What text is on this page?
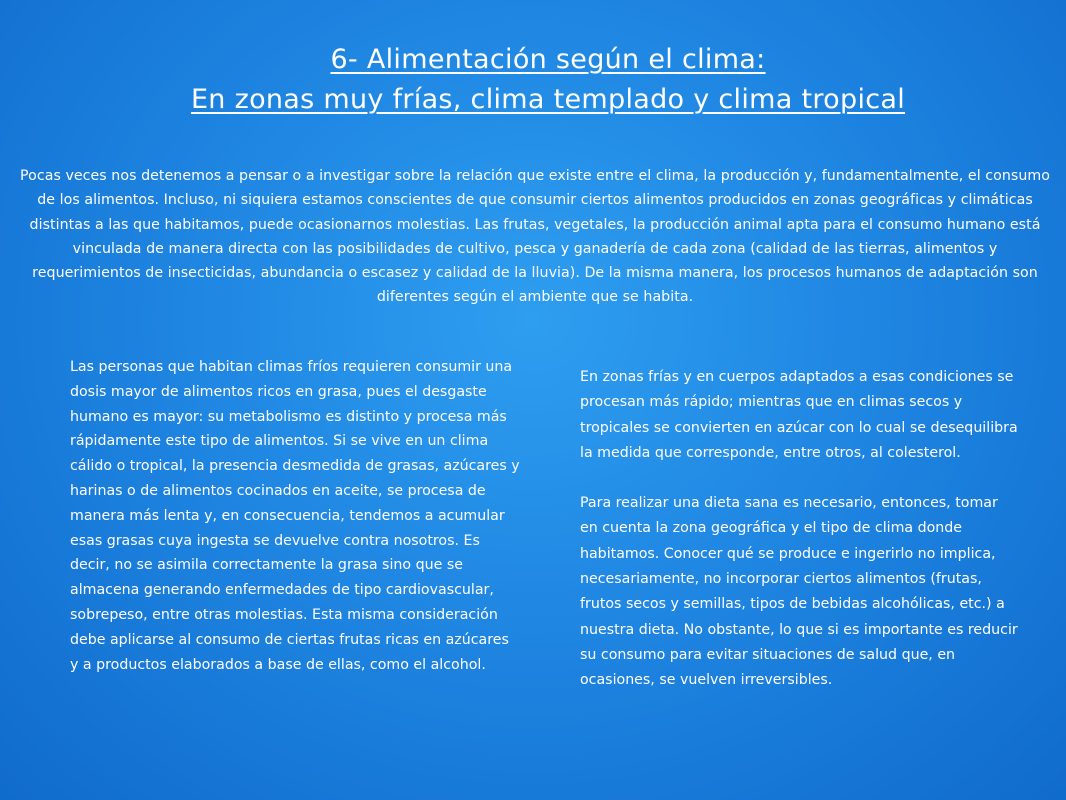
6- Alimentación según el clima:
En zonas muy frías, clima templado y clima tropical
Pocas veces nos detenemos a pensar o a investigar sobre la relación que existe entre el clima, la producción y, fundamentalmente, el consumo de los alimentos. Incluso, ni siquiera estamos conscientes de que consumir ciertos alimentos producidos en zonas geográficas y climáticas distintas a las que habitamos, puede ocasionarnos molestias. Las frutas, vegetales, la producción animal apta para el consumo humano está vinculada de manera directa con las posibilidades de cultivo, pesca y ganadería de cada zona (calidad de las tierras, alimentos y requerimientos de insecticidas, abundancia o escasez y calidad de la lluvia). De la misma manera, los procesos humanos de adaptación son diferentes según el ambiente que se habita.

Las personas que habitan climas fríos requieren consumir una dosis mayor de alimentos ricos en grasa, pues el desgaste humano es mayor: su metabolismo es distinto y procesa más rápidamente este tipo de alimentos. Si se vive en un clima cálido o tropical, la presencia desmedida de grasas, azúcares y harinas o de alimentos cocinados en aceite, se procesa de manera más lenta y, en consecuencia, tendemos a acumular esas grasas cuya ingesta se devuelve contra nosotros. Es decir, no se asimila correctamente la grasa sino que se almacena generando enfermedades de tipo cardiovascular, sobrepeso, entre otras molestias. Esta misma consideración debe aplicarse al consumo de ciertas frutas ricas en azúcares y a productos elaborados a base de ellas, como el alcohol.

En zonas frías y en cuerpos adaptados a esas condiciones se procesan más rápido; mientras que en climas secos y tropicales se convierten en azúcar con lo cual se desequilibra la medida que corresponde, entre otros, al colesterol.

Para realizar una dieta sana es necesario, entonces, tomar en cuenta la zona geográfica y el tipo de clima donde habitamos. Conocer qué se produce e ingerirlo no implica, necesariamente, no incorporar ciertos alimentos (frutas, frutos secos y semillas, tipos de bebidas alcohólicas, etc.) a nuestra dieta. No obstante, lo que si es importante es reducir su consumo para evitar situaciones de salud que, en ocasiones, se vuelven irreversibles.
